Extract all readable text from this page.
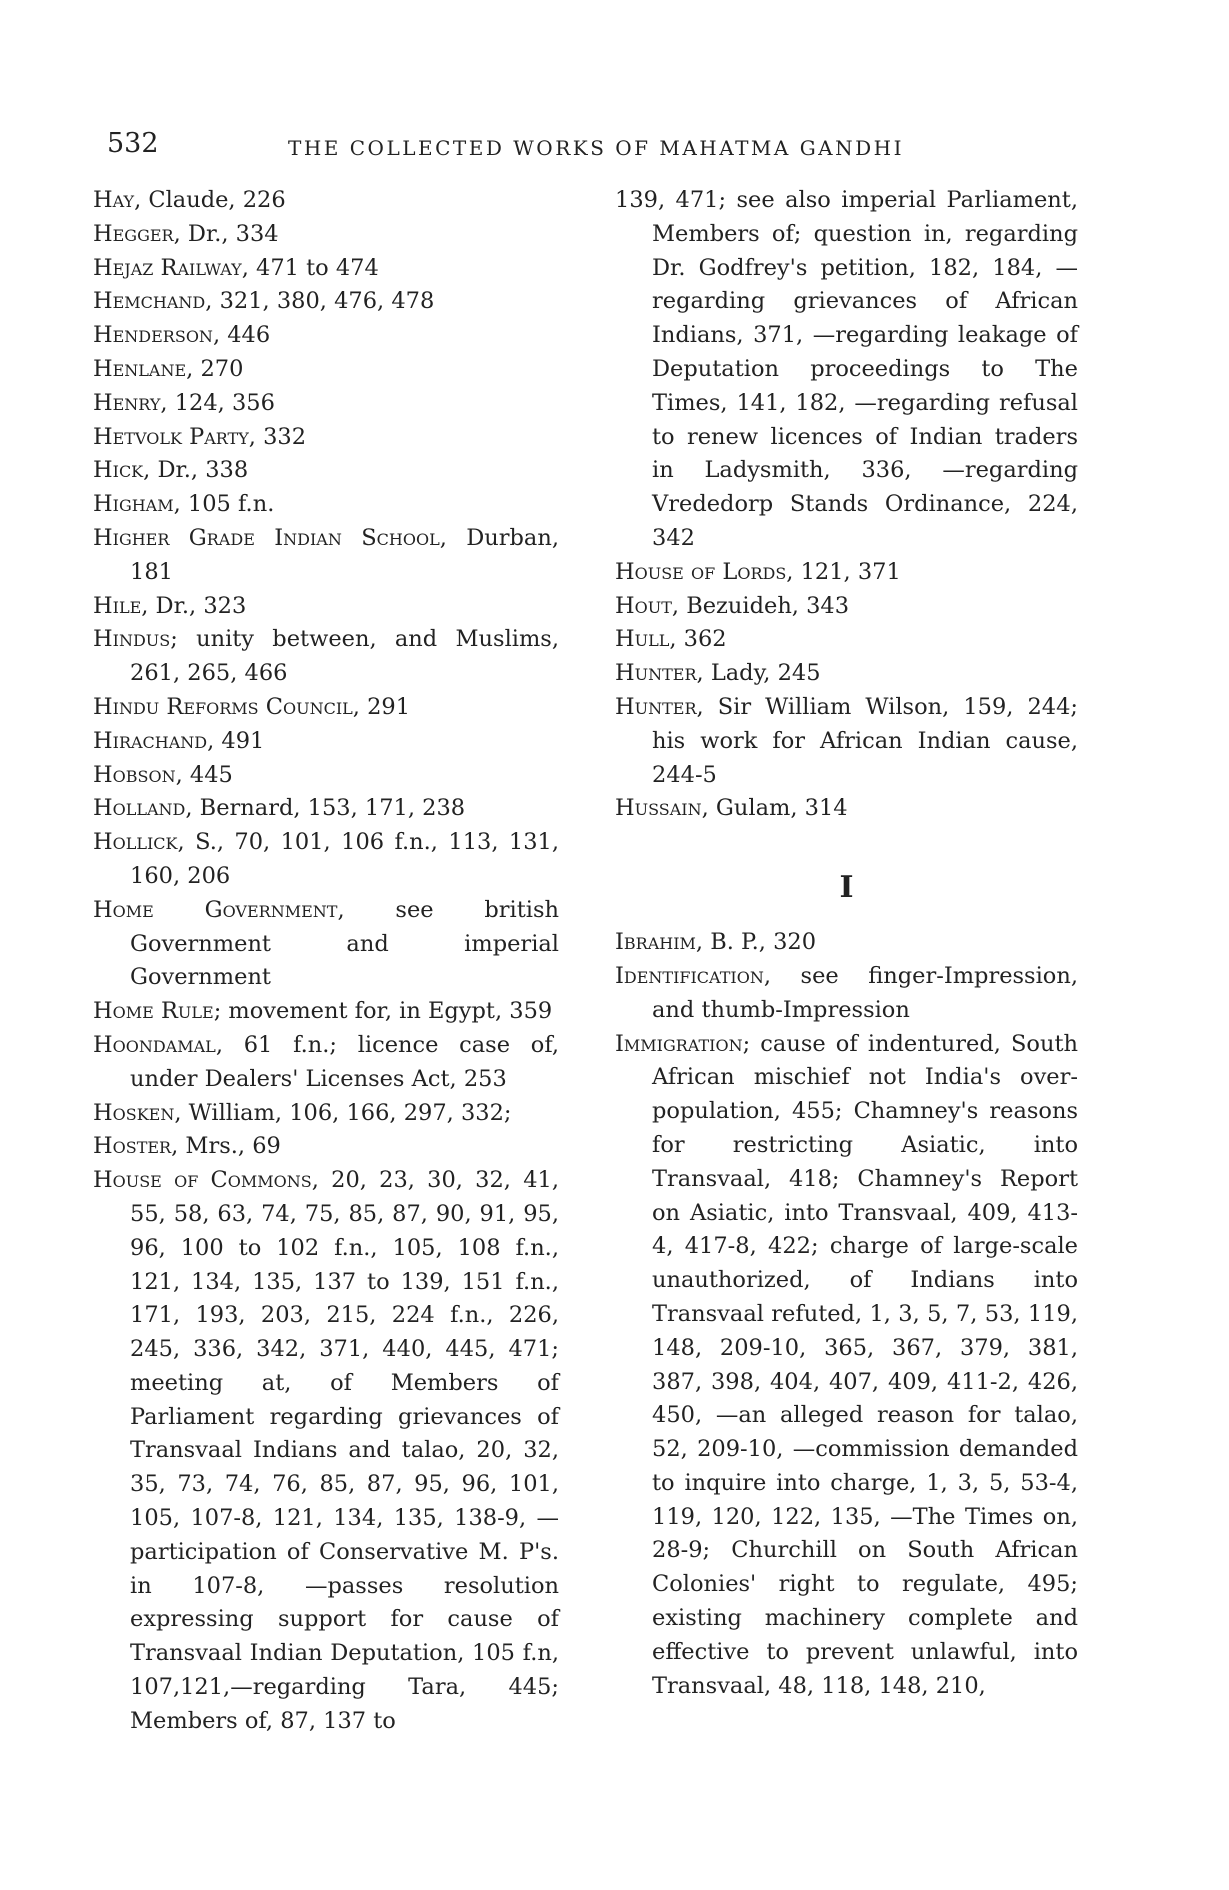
532	THE COLLECTED WORKS OF MAHATMA GANDHI

Hay, Claude, 226

Hegger, Dr., 334

Hejaz Railway, 471 to 474

Hemchand, 321, 380, 476, 478

Henderson, 446

Henlane, 270

Henry, 124, 356

Hetvolk Party, 332

Hick, Dr., 338

Higham, 105 f.n.

Higher Grade Indian School, Durban, 181

Hile, Dr., 323

Hindus; unity between, and Muslims, 261, 265, 466

Hindu Reforms Council, 291

Hirachand, 491

Hobson, 445

Holland, Bernard, 153, 171, 238

Hollick, S., 70, 101, 106 f.n., 113, 131, 160, 206

Home Government, see british Government and imperial Government

Home Rule; movement for, in Egypt, 359

Hoondamal, 61 f.n.; licence case of, under Dealers' Licenses Act, 253

Hosken, William, 106, 166, 297, 332;

Hoster, Mrs., 69

House of Commons, 20, 23, 30, 32, 41, 55, 58, 63, 74, 75, 85, 87, 90, 91, 95, 96, 100 to 102 f.n., 105, 108 f.n., 121, 134, 135, 137 to 139, 151 f.n., 171, 193, 203, 215, 224 f.n., 226, 245, 336, 342, 371, 440, 445, 471; meeting at, of Members of Parliament regarding grievances of Transvaal Indians and talao, 20, 32, 35, 73, 74, 76, 85, 87, 95, 96, 101, 105, 107-8, 121, 134, 135, 138-9, —participation of Conservative M. P's. in 107-8, —passes resolution expressing support for cause of Transvaal Indian Deputation, 105 f.n, 107,121,—regarding Tara, 445; Members of, 87, 137 to

139, 471; see also imperial Parliament, Members of; question in, regarding Dr. Godfrey's petition, 182, 184, —regarding grievances of African Indians, 371, —regarding leakage of Deputation proceedings to The Times, 141, 182, —regarding refusal to renew licences of Indian traders in Ladysmith, 336, —regarding Vrededorp Stands Ordinance, 224, 342

House of Lords, 121, 371

Hout, Bezuideh, 343

Hull, 362

Hunter, Lady, 245

Hunter, Sir William Wilson, 159, 244; his work for African Indian cause, 244-5

Hussain, Gulam, 314

I

Ibrahim, B. P., 320

Identification, see finger-Impression, and thumb-Impression

Immigration; cause of indentured, South African mischief not India's over-population, 455; Chamney's reasons for restricting Asiatic, into Transvaal, 418; Chamney's Report on Asiatic, into Transvaal, 409, 413-4, 417-8, 422; charge of large-scale unauthorized, of Indians into Transvaal refuted, 1, 3, 5, 7, 53, 119, 148, 209-10, 365, 367, 379, 381, 387, 398, 404, 407, 409, 411-2, 426, 450, —an alleged reason for talao, 52, 209-10, —commission demanded to inquire into charge, 1, 3, 5, 53-4, 119, 120, 122, 135, —The Times on, 28-9; Churchill on South African Colonies' right to regulate, 495; existing machinery complete and effective to prevent unlawful, into Transvaal, 48, 118, 148, 210,
